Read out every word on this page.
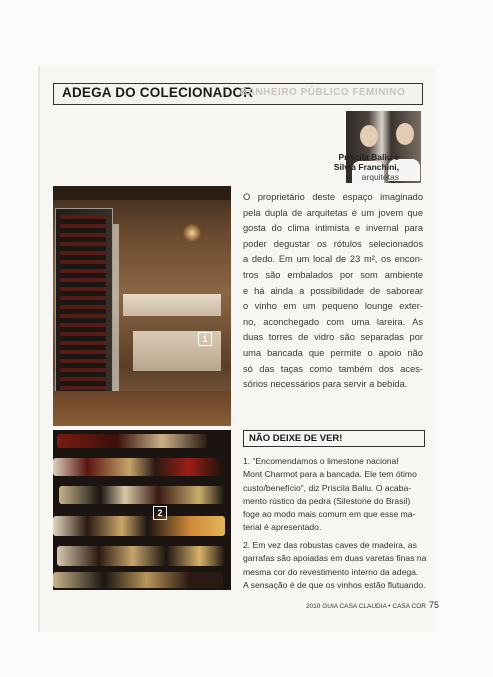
ADEGA DO COLECIONADOR
BANHEIRO PÚBLICO FEMININO
Priscila Baliu e
Silvia Franchini,
arquitetas
1
2
O proprietário deste espaço imaginado
pela dupla de arquitetas é um jovem que
gosta do clima intimista e invernal para
poder degustar os rótulos selecionados
a dedo. Em um local de 23 m², os encon-
tros são embalados por som ambiente
e há ainda a possibilidade de saborear
o vinho em um pequeno lounge exter-
no, aconchegado com uma lareira. As
duas torres de vidro são separadas por
uma bancada que permite o apoio não
só das taças como também dos aces-
sórios necessários para servir a bebida.
NÃO DEIXE DE VER!
1. “Encomendamos o limestone nacional
Mont Charmot para a bancada. Ele tem ótimo
custo/benefício”, diz Priscila Baliu. O acaba-
mento rústico da pedra (Silestone do Brasil)
foge ao modo mais comum em que esse ma-
terial é apresentado.
2. Em vez das robustas caves de madeira, as
garrafas são apoiadas em duas varetas finas na
mesma cor do revestimento interno da adega.
A sensação é de que os vinhos estão flutuando.
2010 GUIA CASA CLAUDIA • CASA COR 75
